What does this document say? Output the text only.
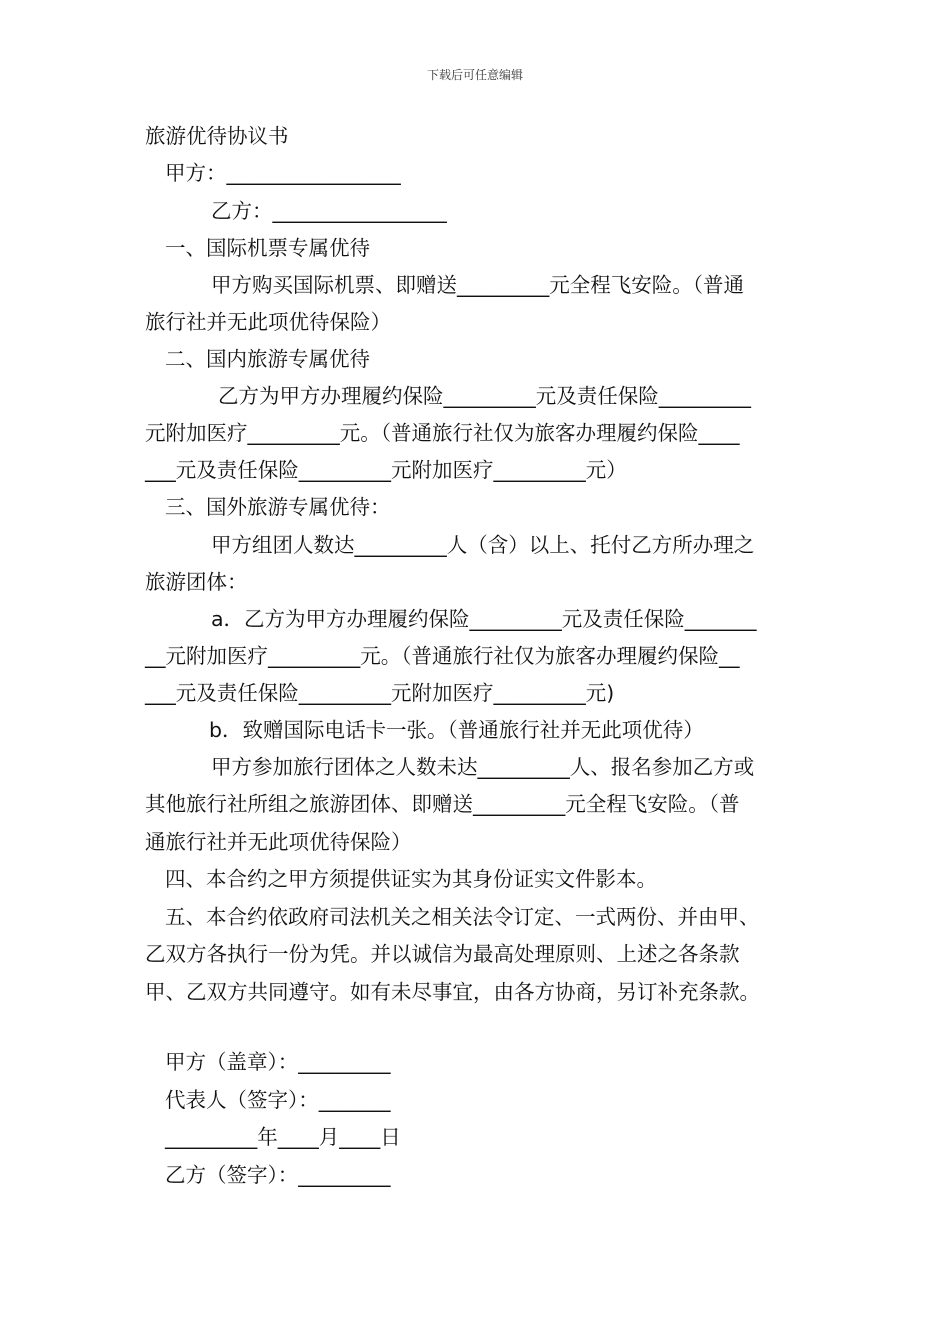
下载后可任意编辑
旅游优待协议书
甲方：_________________
乙方：_________________
一、国际机票专属优待
甲方购买国际机票、即赠送_________元全程飞安险。（普通
旅行社并无此项优待保险）
二、国内旅游专属优待
乙方为甲方办理履约保险_________元及责任保险_________
元附加医疗_________元。（普通旅行社仅为旅客办理履约保险____
___元及责任保险_________元附加医疗_________元）
三、国外旅游专属优待：
甲方组团人数达_________人（含）以上、托付乙方所办理之
旅游团体：
a．乙方为甲方办理履约保险_________元及责任保险_______
__元附加医疗_________元。（普通旅行社仅为旅客办理履约保险__
___元及责任保险_________元附加医疗_________元)
b．致赠国际电话卡一张。（普通旅行社并无此项优待）
甲方参加旅行团体之人数未达_________人、报名参加乙方或
其他旅行社所组之旅游团体、即赠送_________元全程飞安险。（普
通旅行社并无此项优待保险）
四、本合约之甲方须提供证实为其身份证实文件影本。
五、本合约依政府司法机关之相关法令订定、一式两份、并由甲、
乙双方各执行一份为凭。并以诚信为最高处理原则、上述之各条款
甲、乙双方共同遵守。如有未尽事宜，由各方协商，另订补充条款。
甲方（盖章）：_________
代表人（签字）：_______
_________年____月____日
乙方（签字）：_________
